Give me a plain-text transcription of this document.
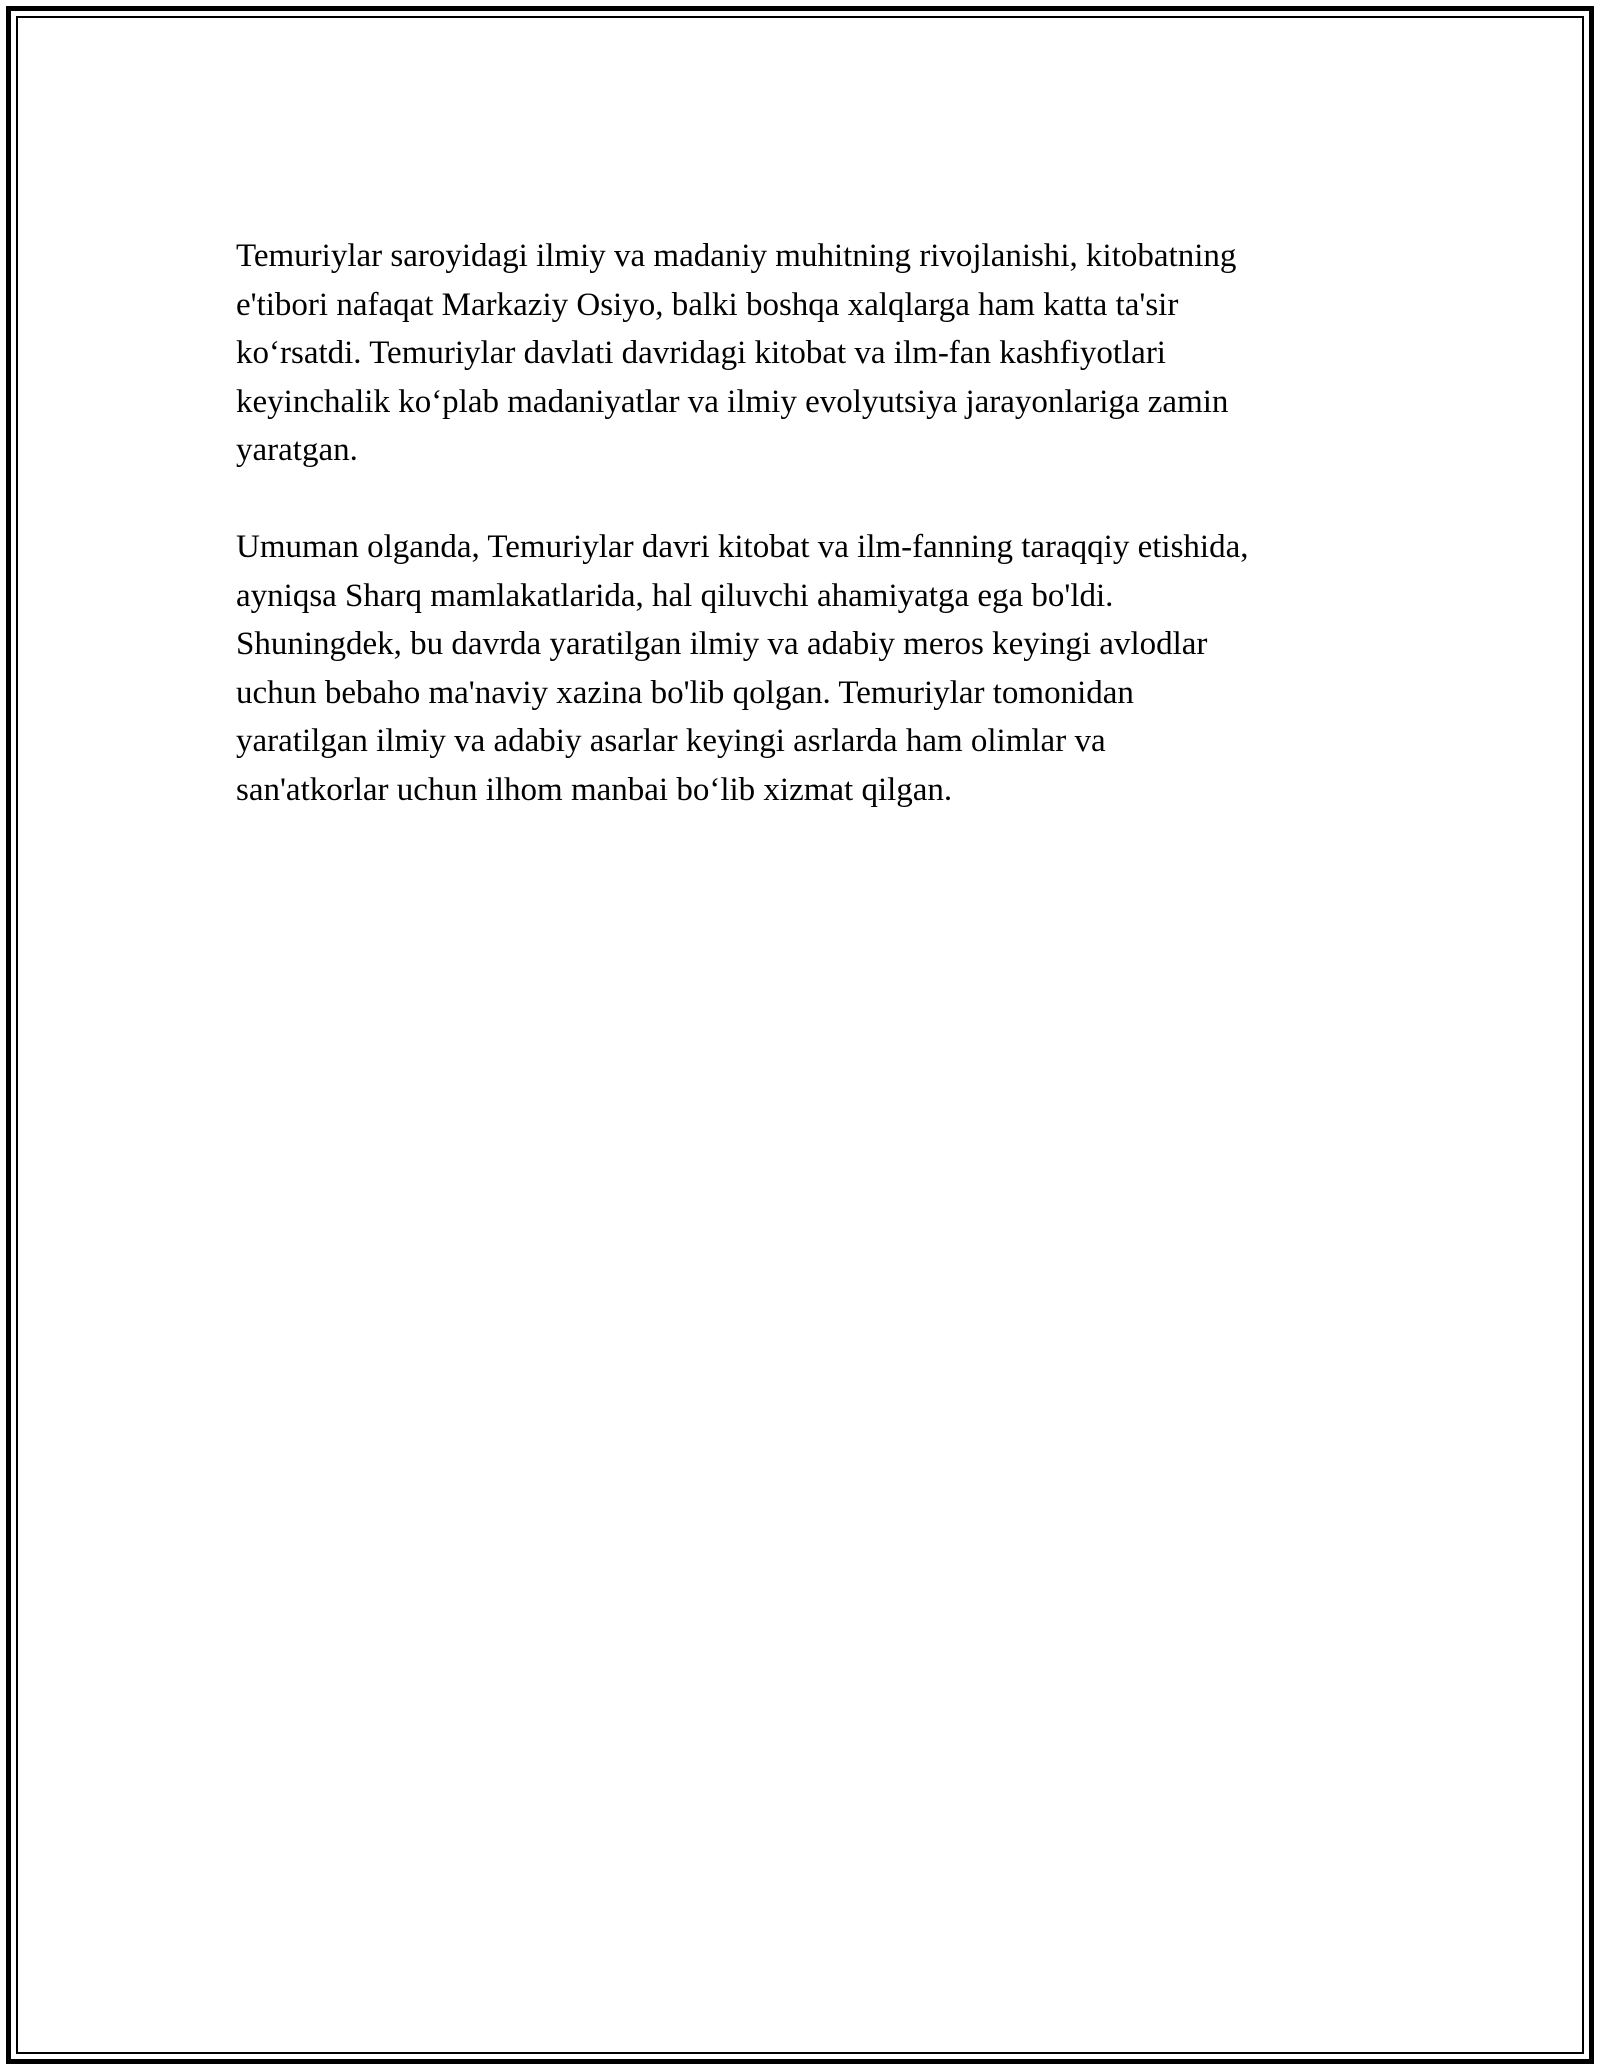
Temuriylar saroyidagi ilmiy va madaniy muhitning rivojlanishi, kitobatning
e'tibori nafaqat Markaziy Osiyo, balki boshqa xalqlarga ham katta ta'sir
ko‘rsatdi. Temuriylar davlati davridagi kitobat va ilm-fan kashfiyotlari
keyinchalik ko‘plab madaniyatlar va ilmiy evolyutsiya jarayonlariga zamin
yaratgan.

Umuman olganda, Temuriylar davri kitobat va ilm-fanning taraqqiy etishida,
ayniqsa Sharq mamlakatlarida, hal qiluvchi ahamiyatga ega bo'ldi.
Shuningdek, bu davrda yaratilgan ilmiy va adabiy meros keyingi avlodlar
uchun bebaho ma'naviy xazina bo'lib qolgan. Temuriylar tomonidan
yaratilgan ilmiy va adabiy asarlar keyingi asrlarda ham olimlar va
san'atkorlar uchun ilhom manbai bo‘lib xizmat qilgan.
